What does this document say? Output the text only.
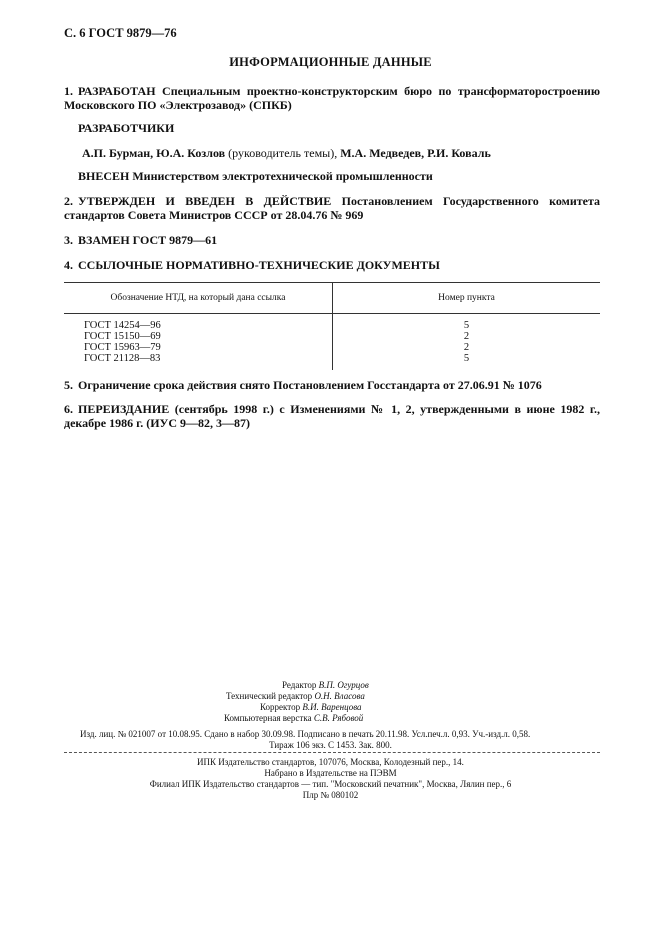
С. 6 ГОСТ 9879—76
ИНФОРМАЦИОННЫЕ ДАННЫЕ
1. РАЗРАБОТАН Специальным проектно-конструкторским бюро по трансформаторостроению Московского ПО «Электрозавод» (СПКБ)
РАЗРАБОТЧИКИ
А.П. Бурман, Ю.А. Козлов (руководитель темы), М.А. Медведев, Р.И. Коваль
ВНЕСЕН Министерством электротехнической промышленности
2. УТВЕРЖДЕН И ВВЕДЕН В ДЕЙСТВИЕ Постановлением Государственного комитета стандартов Совета Министров СССР от 28.04.76 № 969
3. ВЗАМЕН ГОСТ 9879—61
4. ССЫЛОЧНЫЕ НОРМАТИВНО-ТЕХНИЧЕСКИЕ ДОКУМЕНТЫ
Обозначение НТД, на который дана ссылка	Номер пункта
ГОСТ 14254—96	5
ГОСТ 15150—69	2
ГОСТ 15963—79	2
ГОСТ 21128—83	5
5. Ограничение срока действия снято Постановлением Госстандарта от 27.06.91 № 1076
6. ПЕРЕИЗДАНИЕ (сентябрь 1998 г.) с Изменениями № 1, 2, утвержденными в июне 1982 г., декабре 1986 г. (ИУС 9—82, 3—87)
Редактор В.П. Огурцов
Технический редактор О.Н. Власова
Корректор В.И. Варенцова
Компьютерная верстка С.В. Рябовой
Изд. лиц. № 021007 от 10.08.95. Сдано в набор 30.09.98. Подписано в печать 20.11.98. Усл.печ.л. 0,93. Уч.-изд.л. 0,58.
Тираж 106 экз. С 1453. Зак. 800.
ИПК Издательство стандартов, 107076, Москва, Колодезный пер., 14.
Набрано в Издательстве на ПЭВМ
Филиал ИПК Издательство стандартов — тип. "Московский печатник", Москва, Лялин пер., 6
Плр № 080102
